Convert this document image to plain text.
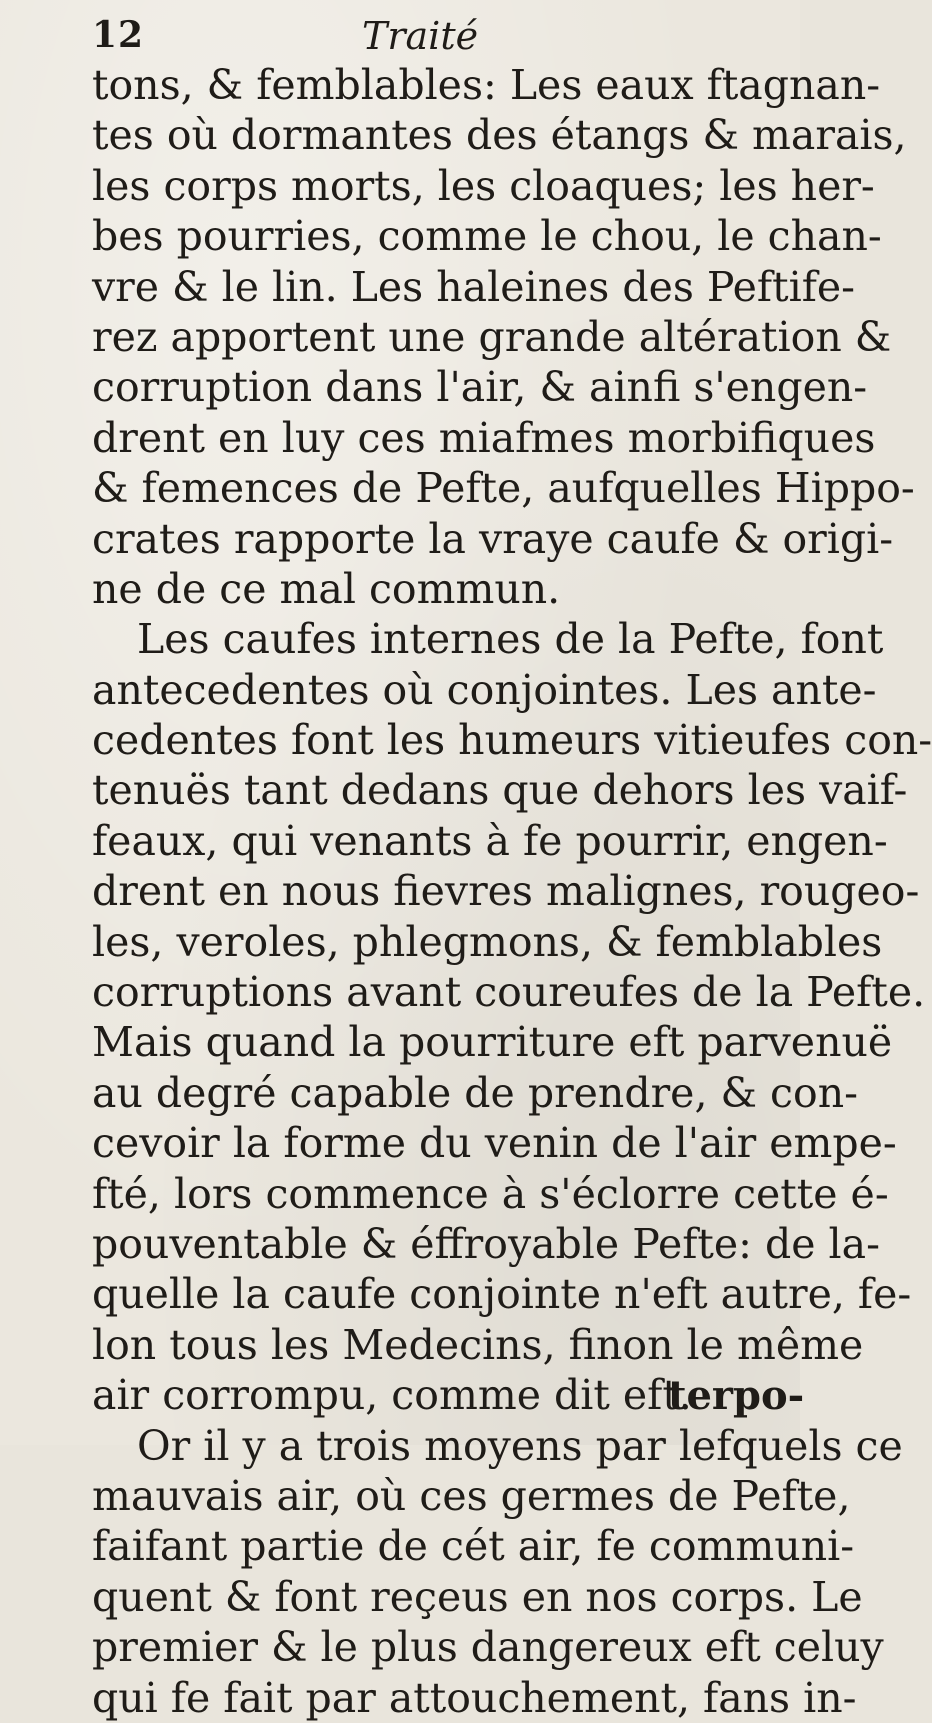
12	Traité
tons, & femblables: Les eaux ftagnan-
tes où dormantes des étangs & marais,
les corps morts, les cloaques; les her-
bes pourries, comme le chou, le chan-
vre & le lin. Les haleines des Peftife-
rez apportent une grande altération &
corruption dans l'air, & ainfi s'engen-
drent en luy ces miafmes morbifiques
& femences de Pefte, aufquelles Hippo-
crates rapporte la vraye caufe & origi-
ne de ce mal commun.
Les caufes internes de la Pefte, font
antecedentes où conjointes. Les ante-
cedentes font les humeurs vitieufes con-
tenuës tant dedans que dehors les vaif-
feaux, qui venants à fe pourrir, engen-
drent en nous fievres malignes, rougeo-
les, veroles, phlegmons, & femblables
corruptions avant coureufes de la Pefte.
Mais quand la pourriture eft parvenuë
au degré capable de prendre, & con-
cevoir la forme du venin de l'air empe-
fté, lors commence à s'éclorre cette é-
pouventable & éffroyable Pefte: de la-
quelle la caufe conjointe n'eft autre, fe-
lon tous les Medecins, finon le même
air corrompu, comme dit eft.
Or il y a trois moyens par lefquels ce
mauvais air, où ces germes de Pefte,
faifant partie de cét air, fe communi-
quent & font reçeus en nos corps. Le
premier & le plus dangereux eft celuy
qui fe fait par attouchement, fans in-
terpo-
